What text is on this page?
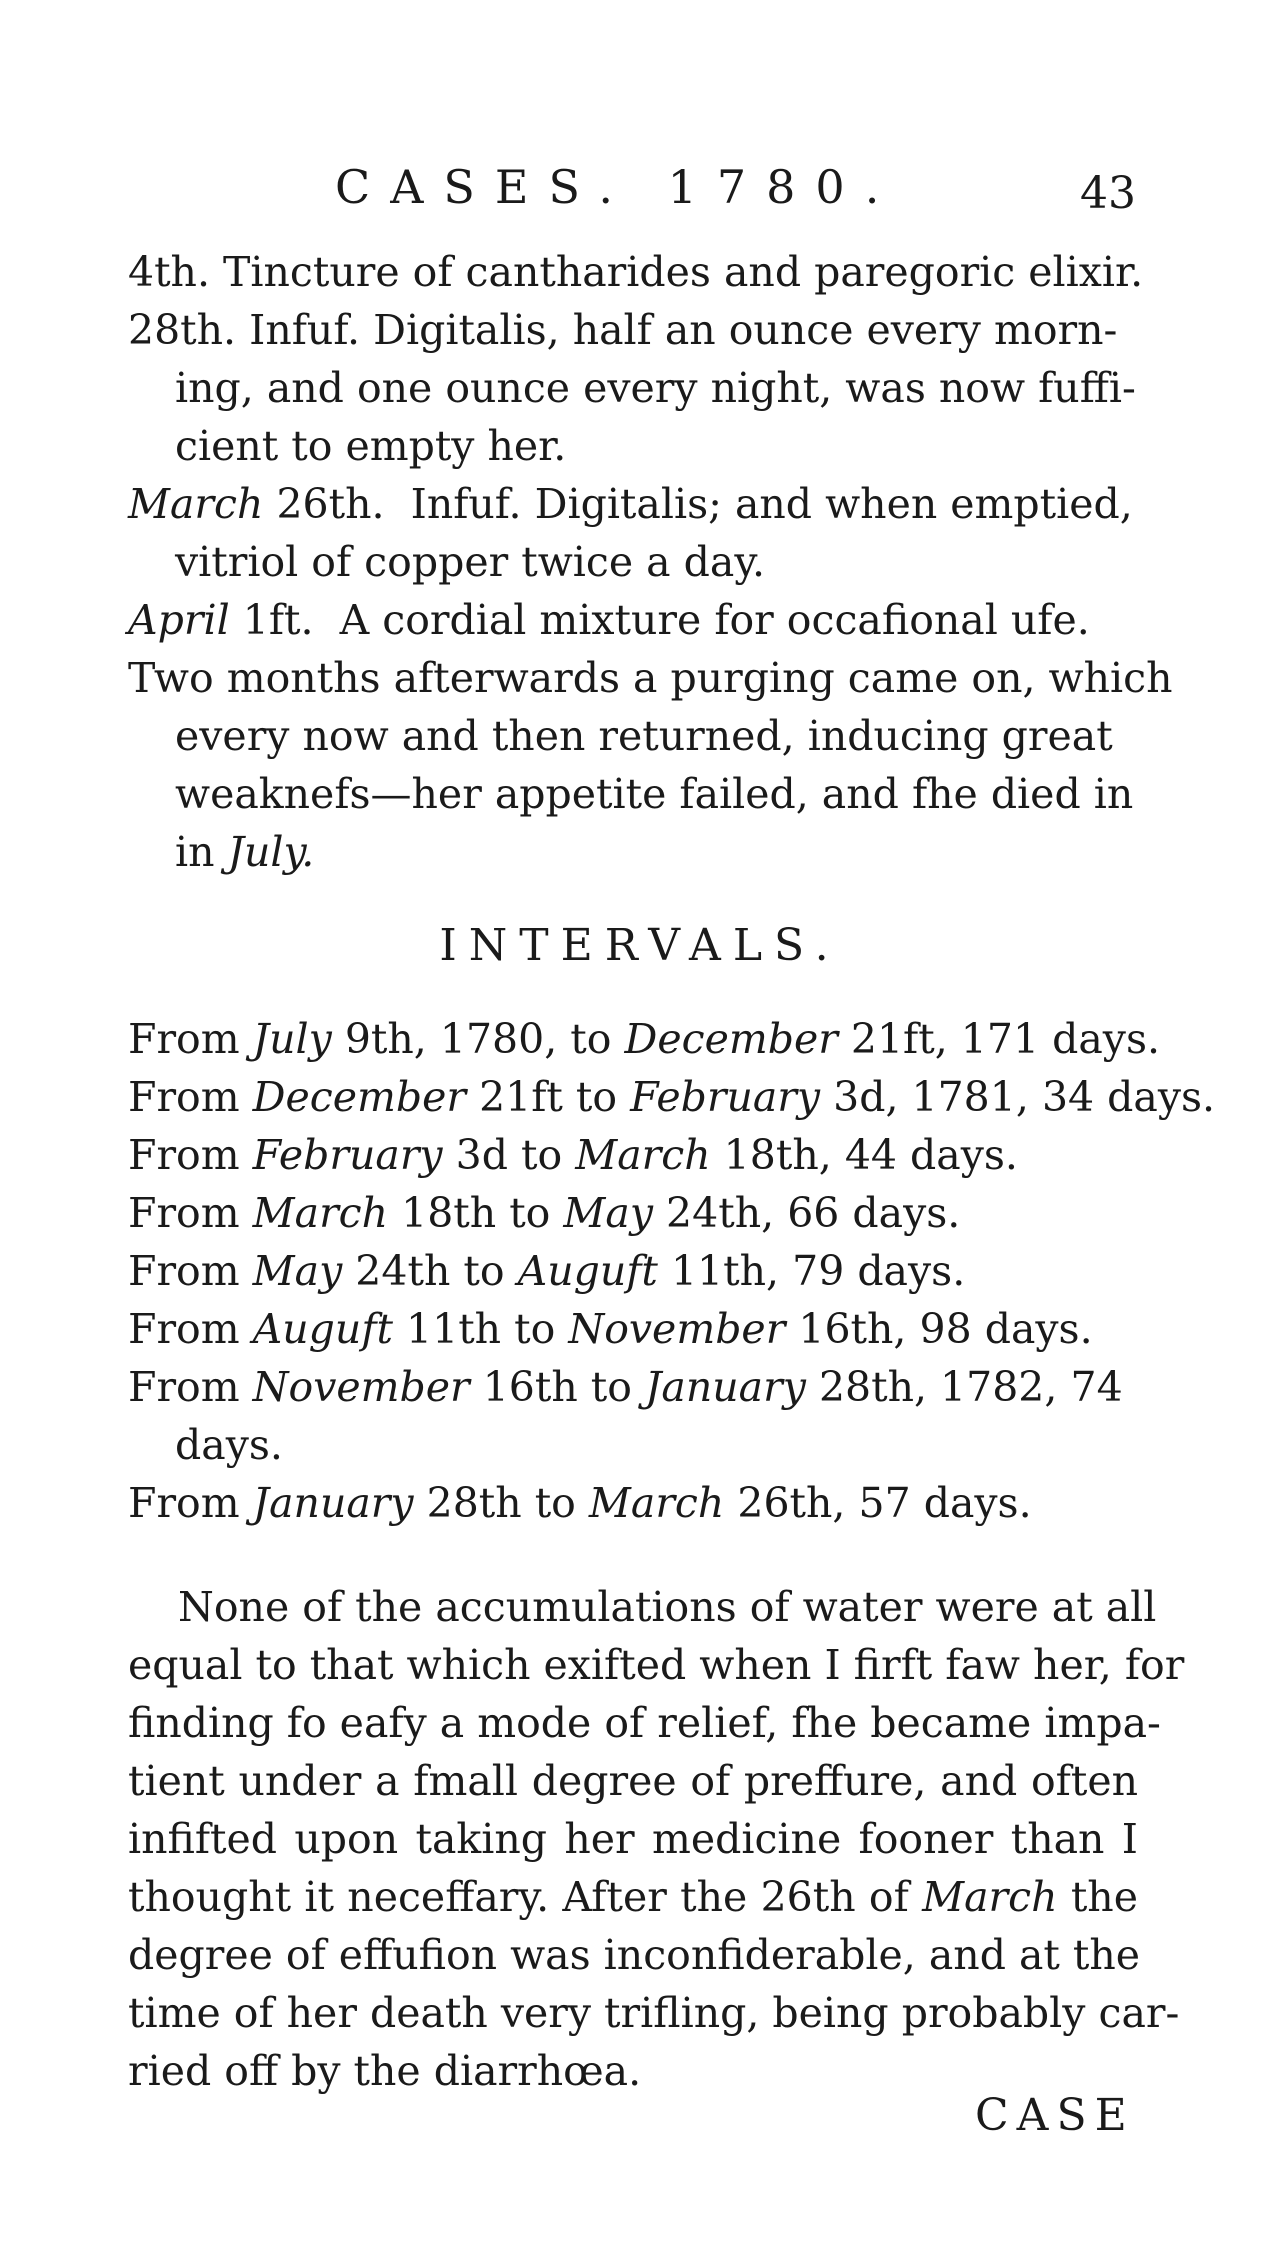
CASES. 1780.	43
4th. Tincture of cantharides and paregoric elixir.
28th. Infuf. Digitalis, half an ounce every morn-
ing, and one ounce every night, was now fuffi-
cient to empty her.
March 26th. Infuf. Digitalis; and when emptied,
vitriol of copper twice a day.
April 1ft. A cordial mixture for occafional ufe.
Two months afterwards a purging came on, which
every now and then returned, inducing great
weaknefs—her appetite failed, and fhe died in
in July.
INTERVALS.
From July 9th, 1780, to December 21ft, 171 days.
From December 21ft to February 3d, 1781, 34 days.
From February 3d to March 18th, 44 days.
From March 18th to May 24th, 66 days.
From May 24th to Auguft 11th, 79 days.
From Auguft 11th to November 16th, 98 days.
From November 16th to January 28th, 1782, 74
days.
From January 28th to March 26th, 57 days.
None of the accumulations of water were at all
equal to that which exifted when I firft faw her, for
finding fo eafy a mode of relief, fhe became impa-
tient under a fmall degree of preffure, and often
infifted upon taking her medicine fooner than I
thought it neceffary. After the 26th of March the
degree of effufion was inconfiderable, and at the
time of her death very trifling, being probably car-
ried off by the diarrhœa.
CASE
